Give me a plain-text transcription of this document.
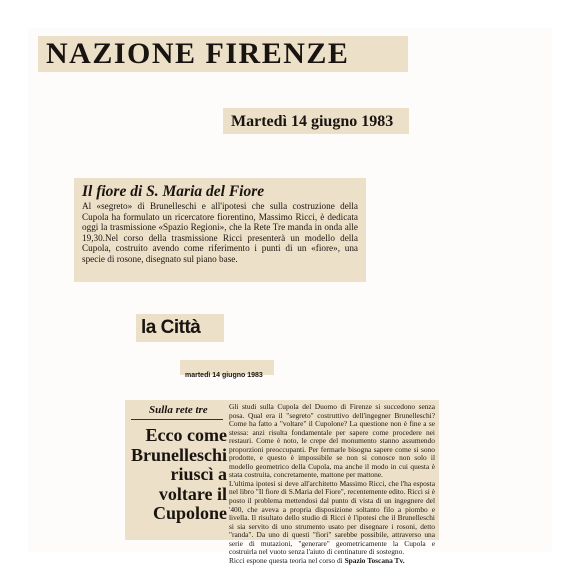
NAZIONE FIRENZE
Martedì 14 giugno 1983
Il fiore di S. Maria del Fiore
Al «segreto» di Brunelleschi e all'ipotesi che sulla costruzione della Cupola ha formulato un ricercatore fiorentino, Massimo Ricci, è dedicata oggi la trasmissione «Spazio Regioni», che la Rete Tre manda in onda alle 19,30.Nel corso della trasmissione Ricci presenterà un modello della Cupola, costruito avendo come riferimento i punti di un «fiore», una specie di rosone, disegnato sul piano base.
la Città
martedì 14 giugno 1983
Sulla rete tre
Ecco come Brunelleschi riuscì a voltare il Cupolone
Gli studi sulla Cupola del Duomo di Firenze si succedono senza posa. Qual era il "segreto" costruttivo dell'ingegner Brunelleschi? Come ha fatto a "voltare" il Cupolone? La questione non è fine a se stessa: anzi risulta fondamentale per sapere come procedere nei restauri. Come è noto, le crepe del monumento stanno assumendo proporzioni preoccupanti. Per fermarle bisogna sapere come si sono prodotte, e questo è impossibile se non si conosce non solo il modello geometrico della Cupola, ma anche il modo in cui questa è stata costruita, concretamente, mattone per mattone.
L'ultima ipotesi si deve all'architetto Massimo Ricci, che l'ha esposta nel libro "Il fiore di S.Maria del Fiore", recentemente edito. Ricci si è posto il problema mettendosi dal punto di vista di un ingegnere del '400, che aveva a propria disposizione soltanto filo a piombo e livella. Il risultato dello studio di Ricci è l'ipotesi che il Brunelleschi si sia servito di uno strumento usato per disegnare i rosoni, detto "randa". Da uno di questi "fiori" sarebbe possibile, attraverso una serie di mutazioni, "generare" geometricamente la Cupola e costruirla nel vuoto senza l'aiuto di centinature di sostegno.
Ricci espone questa teoria nel corso di Spazio Toscana Tv.
